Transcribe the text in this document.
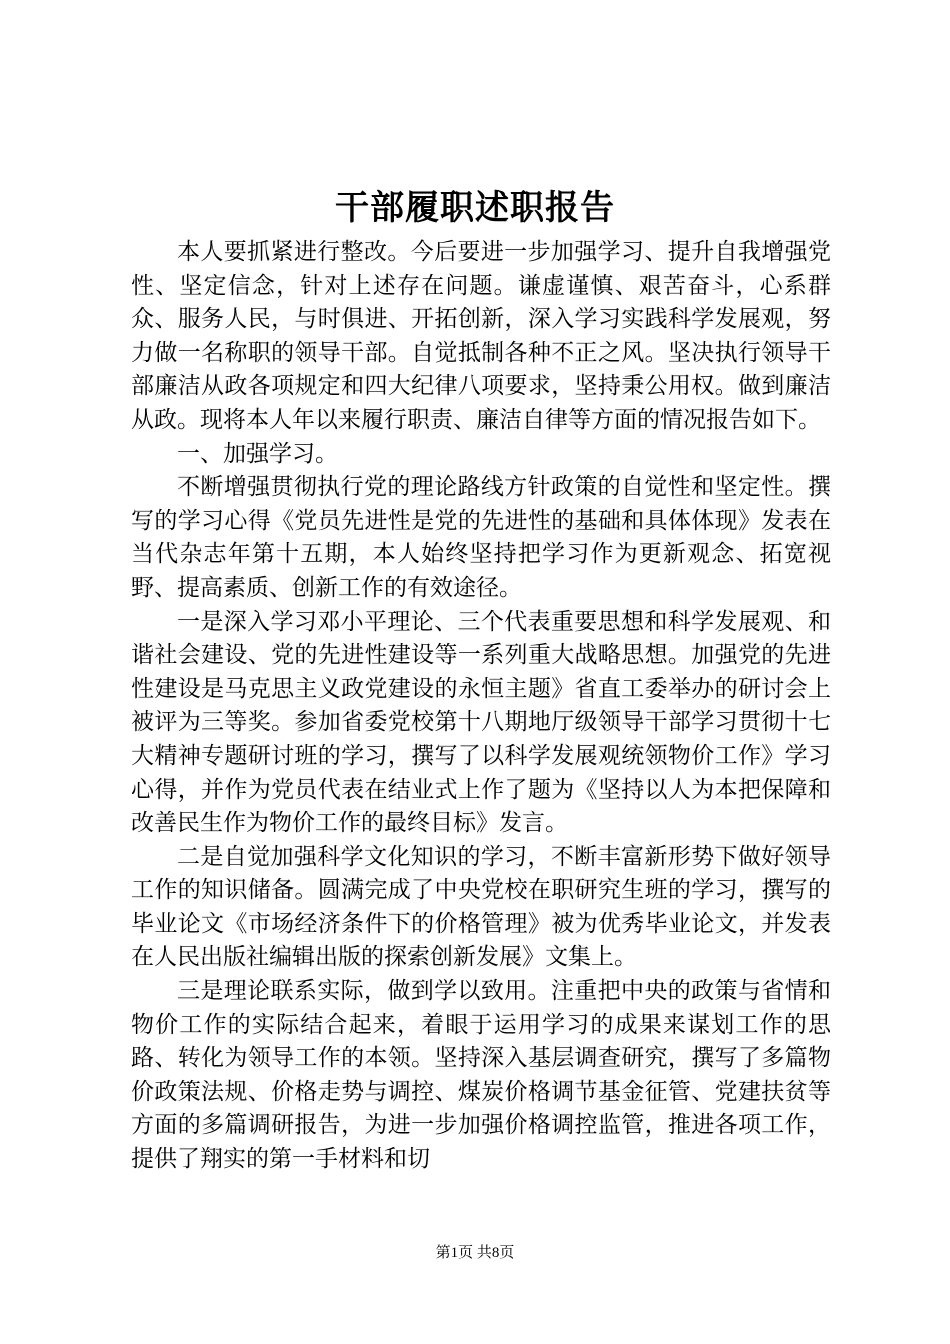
干部履职述职报告

本人要抓紧进行整改。今后要进一步加强学习、提升自我增强党性、坚定信念，针对上述存在问题。谦虚谨慎、艰苦奋斗，心系群众、服务人民，与时俱进、开拓创新，深入学习实践科学发展观，努力做一名称职的领导干部。自觉抵制各种不正之风。坚决执行领导干部廉洁从政各项规定和四大纪律八项要求，坚持秉公用权。做到廉洁从政。现将本人年以来履行职责、廉洁自律等方面的情况报告如下。

一、加强学习。

不断增强贯彻执行党的理论路线方针政策的自觉性和坚定性。撰写的学习心得《党员先进性是党的先进性的基础和具体体现》发表在当代杂志年第十五期，本人始终坚持把学习作为更新观念、拓宽视野、提高素质、创新工作的有效途径。

一是深入学习邓小平理论、三个代表重要思想和科学发展观、和谐社会建设、党的先进性建设等一系列重大战略思想。加强党的先进性建设是马克思主义政党建设的永恒主题》省直工委举办的研讨会上被评为三等奖。参加省委党校第十八期地厅级领导干部学习贯彻十七大精神专题研讨班的学习，撰写了以科学发展观统领物价工作》学习心得，并作为党员代表在结业式上作了题为《坚持以人为本把保障和改善民生作为物价工作的最终目标》发言。

二是自觉加强科学文化知识的学习，不断丰富新形势下做好领导工作的知识储备。圆满完成了中央党校在职研究生班的学习，撰写的毕业论文《市场经济条件下的价格管理》被为优秀毕业论文，并发表在人民出版社编辑出版的探索创新发展》文集上。

三是理论联系实际，做到学以致用。注重把中央的政策与省情和物价工作的实际结合起来，着眼于运用学习的成果来谋划工作的思路、转化为领导工作的本领。坚持深入基层调查研究，撰写了多篇物价政策法规、价格走势与调控、煤炭价格调节基金征管、党建扶贫等方面的多篇调研报告，为进一步加强价格调控监管，推进各项工作，提供了翔实的第一手材料和切

第1页 共8页
